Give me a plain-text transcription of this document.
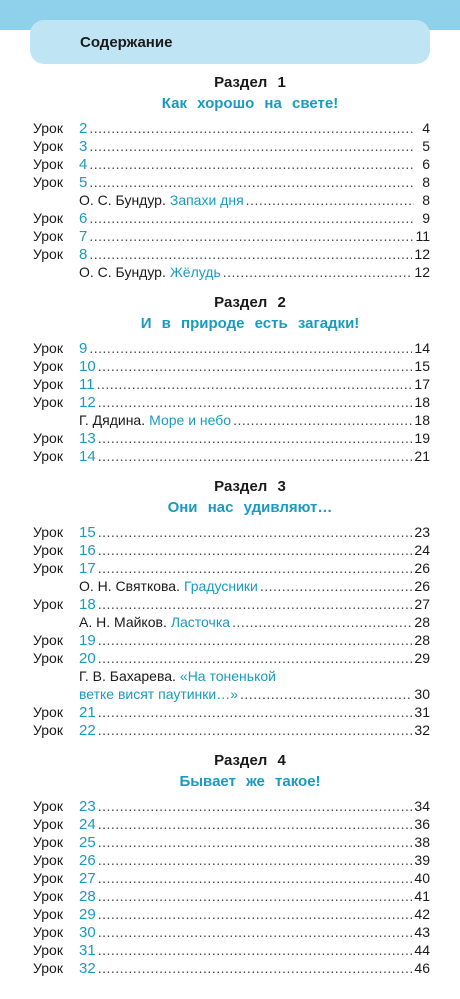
Содержание
Раздел 1
Как хорошо на свете!
Урок 2 .....	4
Урок 3 .....	5
Урок 4 .....	6
Урок 5 .....	8
О. С. Бундур. Запахи дня .....	8
Урок 6 .....	9
Урок 7 .....	11
Урок 8 .....	12
О. С. Бундур. Жёлудь .....	12
Раздел 2
И в природе есть загадки!
Урок 9 .....	14
Урок 10 .....	15
Урок 11 .....	17
Урок 12 .....	18
Г. Дядина. Море и небо .....	18
Урок 13 .....	19
Урок 14 .....	21
Раздел 3
Они нас удивляют…
Урок 15 .....	23
Урок 16 .....	24
Урок 17 .....	26
О. Н. Святкова. Градусники .....	26
Урок 18 .....	27
А. Н. Майков. Ласточка .....	28
Урок 19 .....	28
Урок 20 .....	29
Г. В. Бахарева. «На тоненькой
ветке висят паутинки…» .....	30
Урок 21 .....	31
Урок 22 .....	32
Раздел 4
Бывает же такое!
Урок 23 .....	34
Урок 24 .....	36
Урок 25 .....	38
Урок 26 .....	39
Урок 27 .....	40
Урок 28 .....	41
Урок 29 .....	42
Урок 30 .....	43
Урок 31 .....	44
Урок 32 .....	46
